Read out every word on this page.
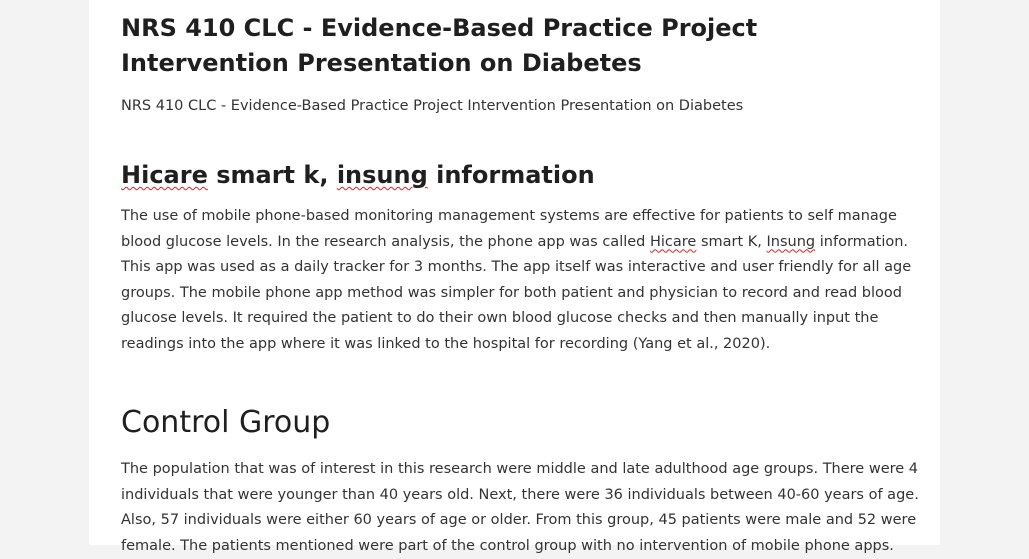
NRS 410 CLC - Evidence-Based Practice Project Intervention Presentation on Diabetes

NRS 410 CLC - Evidence-Based Practice Project Intervention Presentation on Diabetes

Hicare smart k, insung information

The use of mobile phone-based monitoring management systems are effective for patients to self manage
blood glucose levels. In the research analysis, the phone app was called Hicare smart K, Insung information.
This app was used as a daily tracker for 3 months. The app itself was interactive and user friendly for all age
groups. The mobile phone app method was simpler for both patient and physician to record and read blood
glucose levels. It required the patient to do their own blood glucose checks and then manually input the
readings into the app where it was linked to the hospital for recording (Yang et al., 2020).

Control Group

The population that was of interest in this research were middle and late adulthood age groups. There were 4
individuals that were younger than 40 years old. Next, there were 36 individuals between 40-60 years of age.
Also, 57 individuals were either 60 years of age or older. From this group, 45 patients were male and 52 were
female. The patients mentioned were part of the control group with no intervention of mobile phone apps.
